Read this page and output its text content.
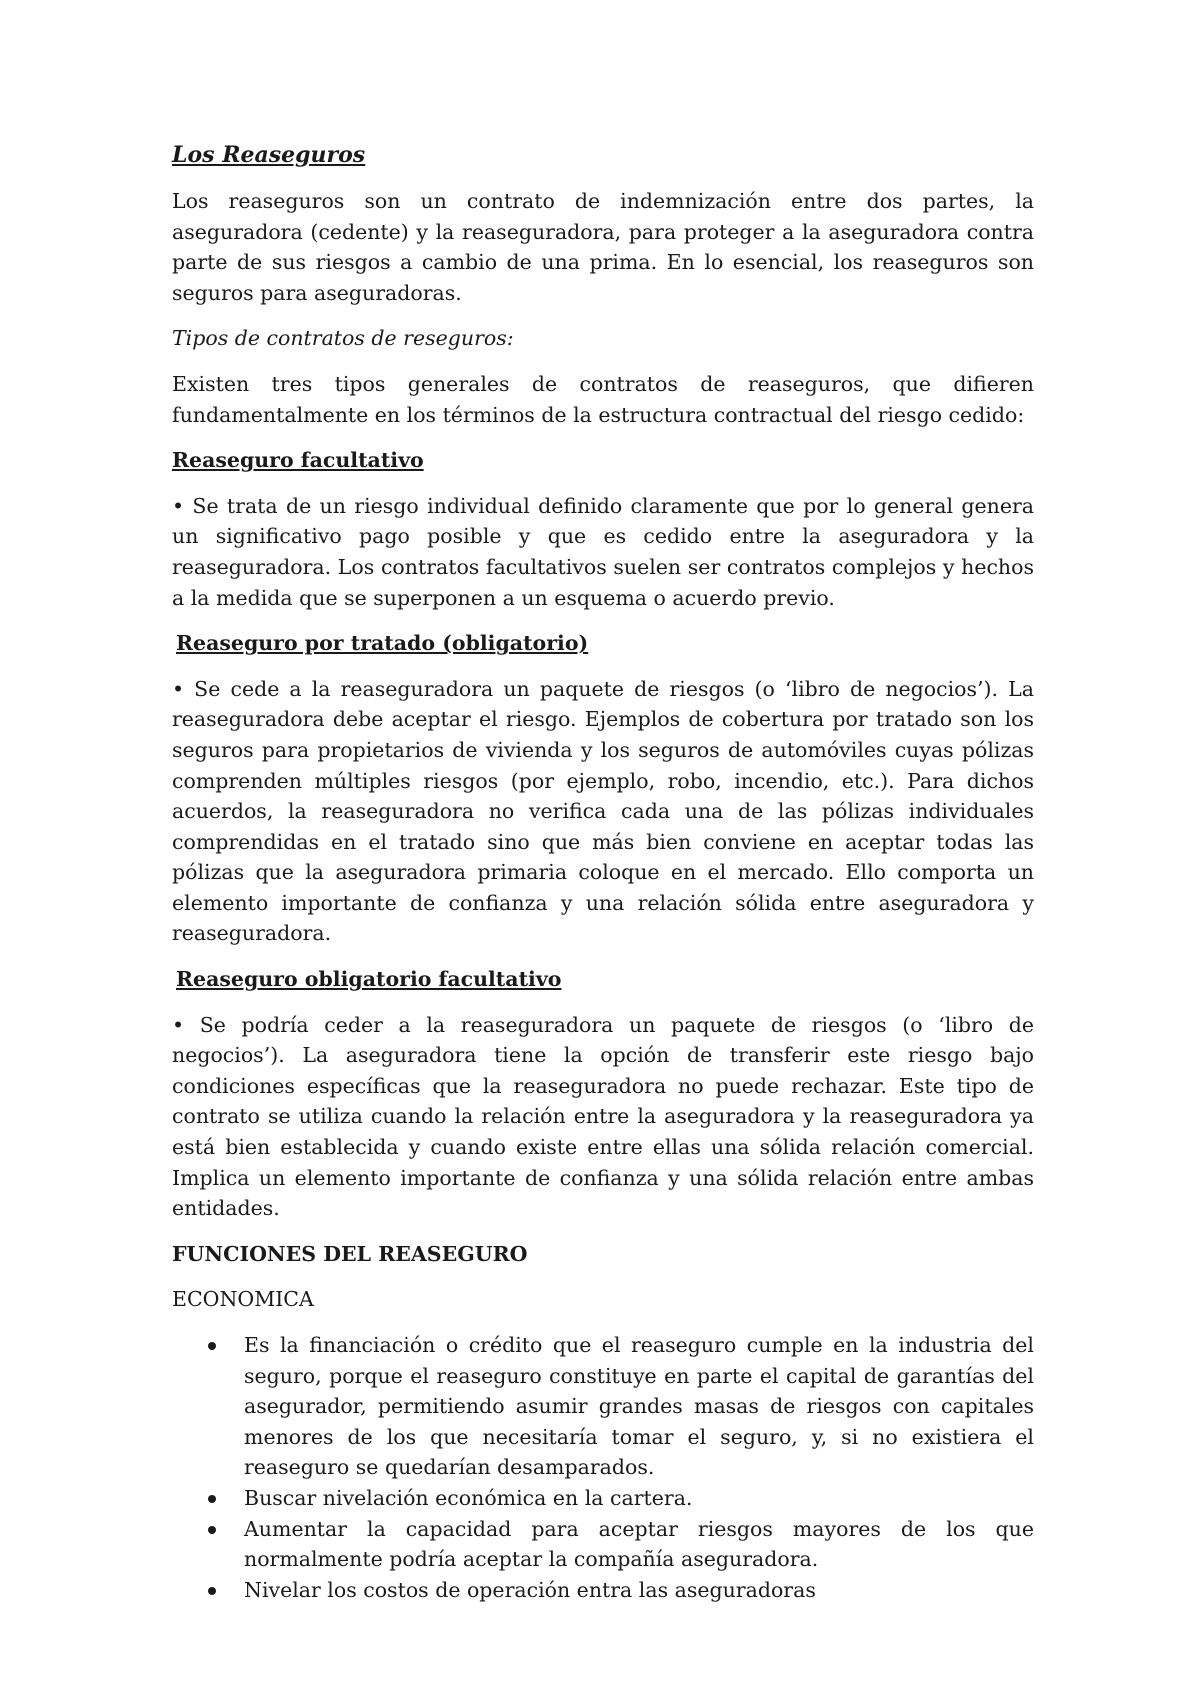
Los Reaseguros

Los reaseguros son un contrato de indemnización entre dos partes, la aseguradora (cedente) y la reaseguradora, para proteger a la aseguradora contra parte de sus riesgos a cambio de una prima. En lo esencial, los reaseguros son seguros para aseguradoras.

Tipos de contratos de reseguros:

Existen tres tipos generales de contratos de reaseguros, que difieren fundamentalmente en los términos de la estructura contractual del riesgo cedido:

Reaseguro facultativo

• Se trata de un riesgo individual definido claramente que por lo general genera un significativo pago posible y que es cedido entre la aseguradora y la reaseguradora. Los contratos facultativos suelen ser contratos complejos y hechos a la medida que se superponen a un esquema o acuerdo previo.

Reaseguro por tratado (obligatorio)

• Se cede a la reaseguradora un paquete de riesgos (o ‘libro de negocios’). La reaseguradora debe aceptar el riesgo. Ejemplos de cobertura por tratado son los seguros para propietarios de vivienda y los seguros de automóviles cuyas pólizas comprenden múltiples riesgos (por ejemplo, robo, incendio, etc.). Para dichos acuerdos, la reaseguradora no verifica cada una de las pólizas individuales comprendidas en el tratado sino que más bien conviene en aceptar todas las pólizas que la aseguradora primaria coloque en el mercado. Ello comporta un elemento importante de confianza y una relación sólida entre aseguradora y reaseguradora.

Reaseguro obligatorio facultativo

• Se podría ceder a la reaseguradora un paquete de riesgos (o ‘libro de negocios’). La aseguradora tiene la opción de transferir este riesgo bajo condiciones específicas que la reaseguradora no puede rechazar. Este tipo de contrato se utiliza cuando la relación entre la aseguradora y la reaseguradora ya está bien establecida y cuando existe entre ellas una sólida relación comercial. Implica un elemento importante de confianza y una sólida relación entre ambas entidades.

FUNCIONES DEL REASEGURO
ECONOMICA
Es la financiación o crédito que el reaseguro cumple en la industria del seguro, porque el reaseguro constituye en parte el capital de garantías del asegurador, permitiendo asumir grandes masas de riesgos con capitales menores de los que necesitaría tomar el seguro, y, si no existiera el reaseguro se quedarían desamparados.
Buscar nivelación económica en la cartera.
Aumentar la capacidad para aceptar riesgos mayores de los que normalmente podría aceptar la compañía aseguradora.
Nivelar los costos de operación entra las aseguradoras
